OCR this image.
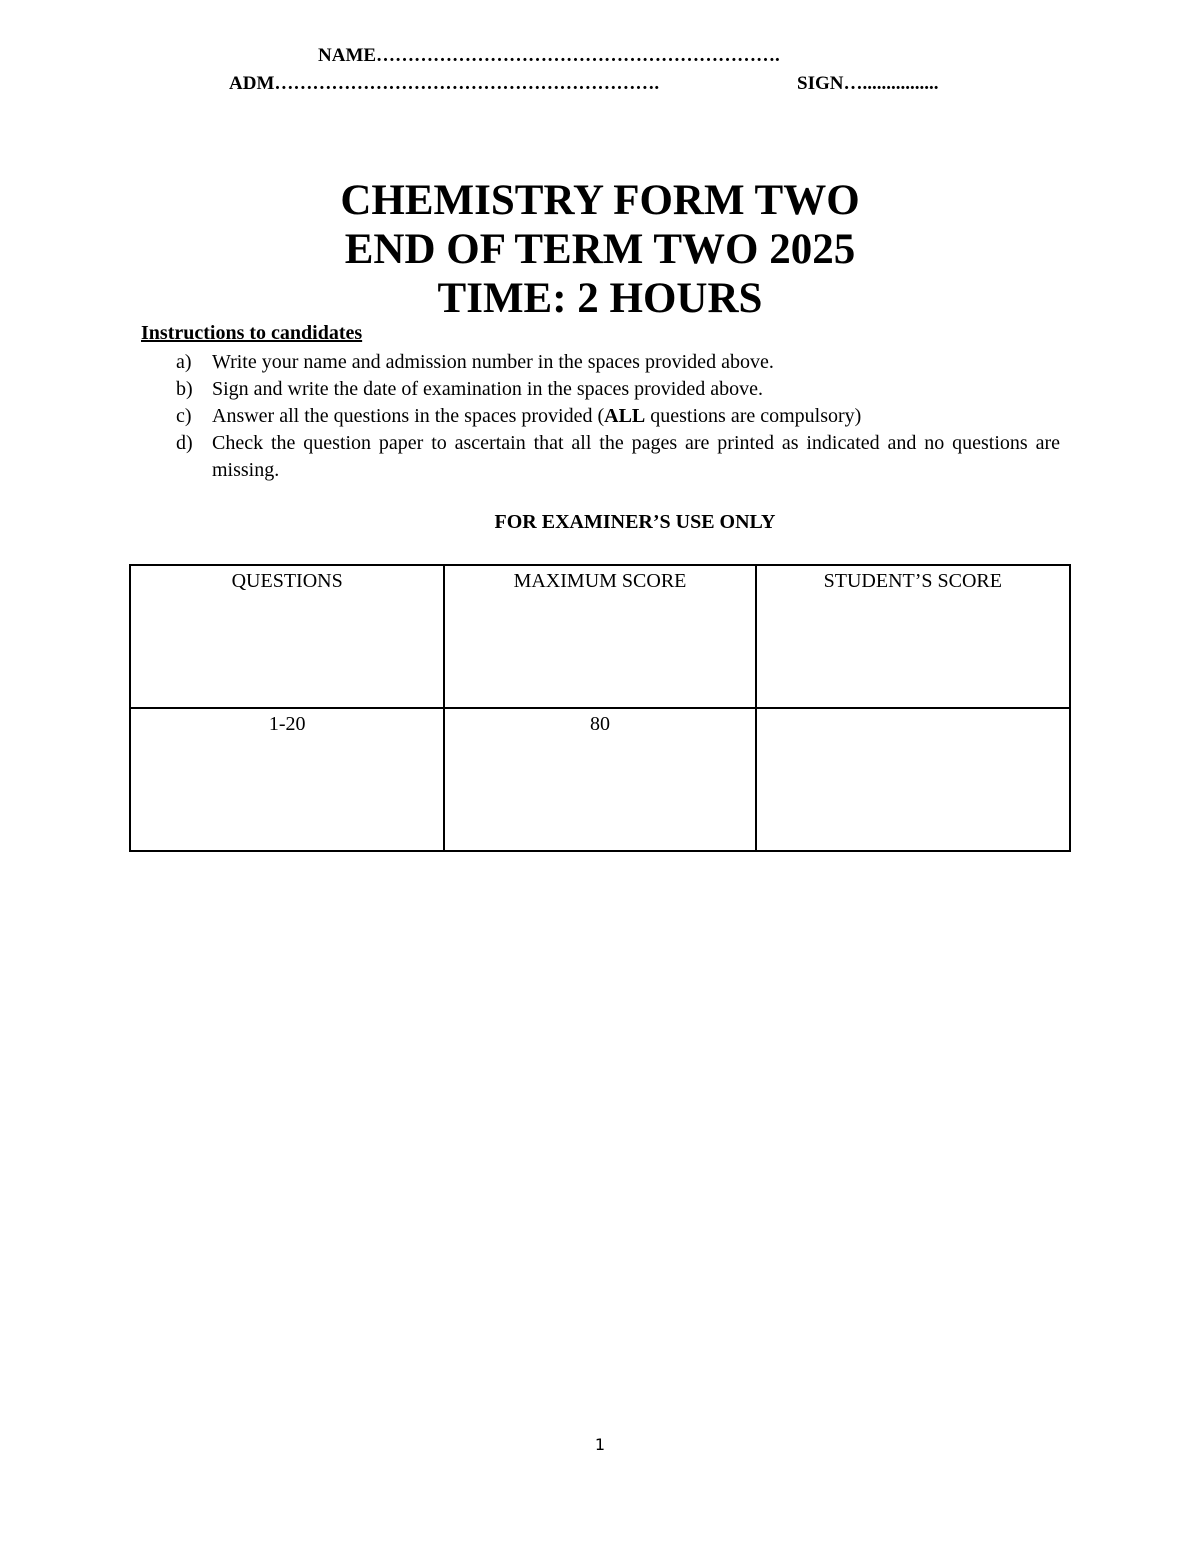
NAME……………………………………………………….
ADM…………………………………………………….	SIGN…................
CHEMISTRY FORM TWO
END OF TERM TWO 2025
TIME: 2 HOURS
Instructions to candidates
a)	Write your name and admission number in the spaces provided above.
b) Sign and write the date of examination in the spaces provided above.
c)	Answer all the questions in the spaces provided (ALL questions are compulsory)
d) Check the question paper to ascertain that all the pages are printed as indicated and no questions are missing.
FOR EXAMINER’S USE ONLY
QUESTIONS	MAXIMUM SCORE	STUDENT’S SCORE
1-20	80	
1
